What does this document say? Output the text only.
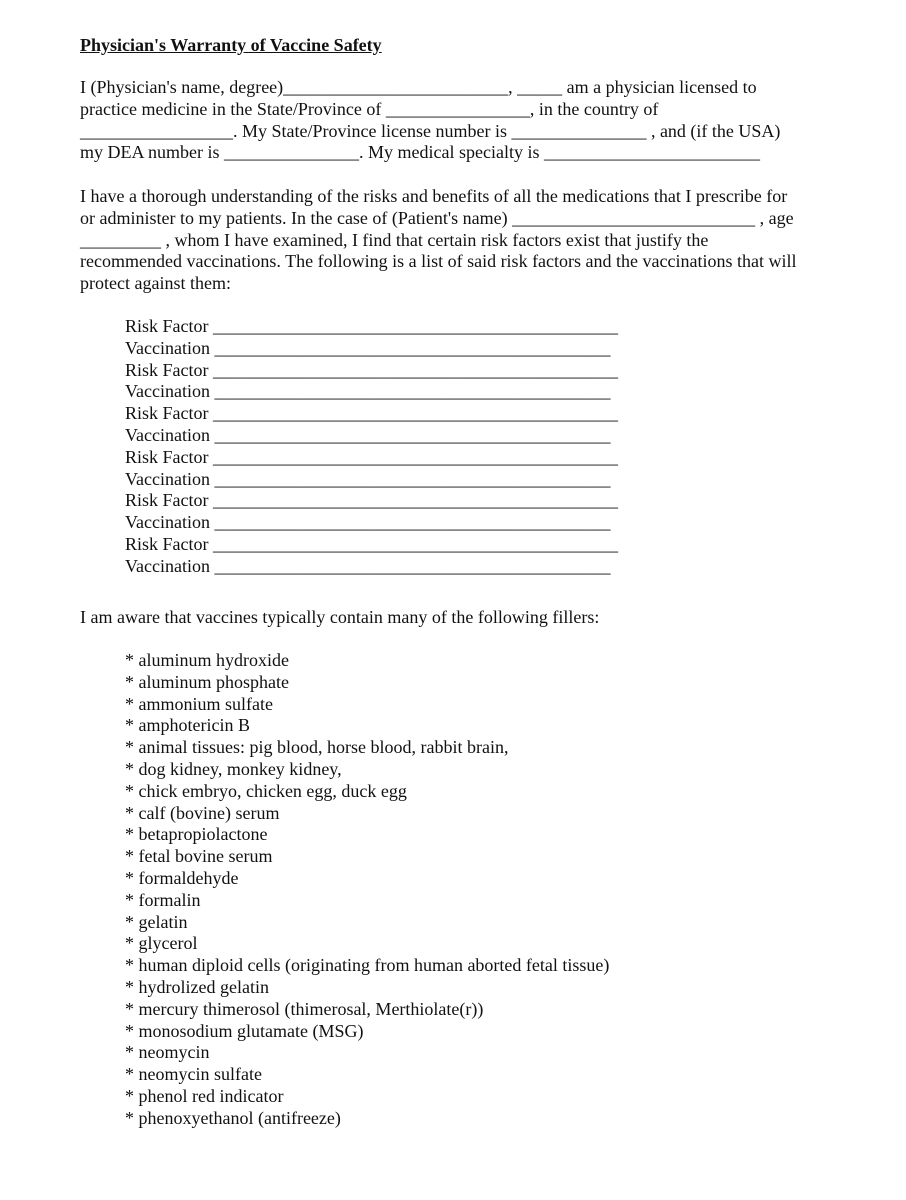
Physician's Warranty of Vaccine Safety
I (Physician's name, degree)_________________________, _____ am a physician licensed to
practice medicine in the State/Province of ________________, in the country of
_________________. My State/Province license number is _______________ , and (if the USA)
my DEA number is _______________. My medical specialty is ________________________
I have a thorough understanding of the risks and benefits of all the medications that I prescribe for
or administer to my patients. In the case of (Patient's name) ___________________________ , age
_________ , whom I have examined, I find that certain risk factors exist that justify the
recommended vaccinations. The following is a list of said risk factors and the vaccinations that will
protect against them:
Risk Factor _____________________________________________
Vaccination ____________________________________________
Risk Factor _____________________________________________
Vaccination ____________________________________________
Risk Factor _____________________________________________
Vaccination ____________________________________________
Risk Factor _____________________________________________
Vaccination ____________________________________________
Risk Factor _____________________________________________
Vaccination ____________________________________________
Risk Factor _____________________________________________
Vaccination ____________________________________________
I am aware that vaccines typically contain many of the following fillers:
* aluminum hydroxide
* aluminum phosphate
* ammonium sulfate
* amphotericin B
* animal tissues: pig blood, horse blood, rabbit brain,
* dog kidney, monkey kidney,
* chick embryo, chicken egg, duck egg
* calf (bovine) serum
* betapropiolactone
* fetal bovine serum
* formaldehyde
* formalin
* gelatin
* glycerol
* human diploid cells (originating from human aborted fetal tissue)
* hydrolized gelatin
* mercury thimerosol (thimerosal, Merthiolate(r))
* monosodium glutamate (MSG)
* neomycin
* neomycin sulfate
* phenol red indicator
* phenoxyethanol (antifreeze)
